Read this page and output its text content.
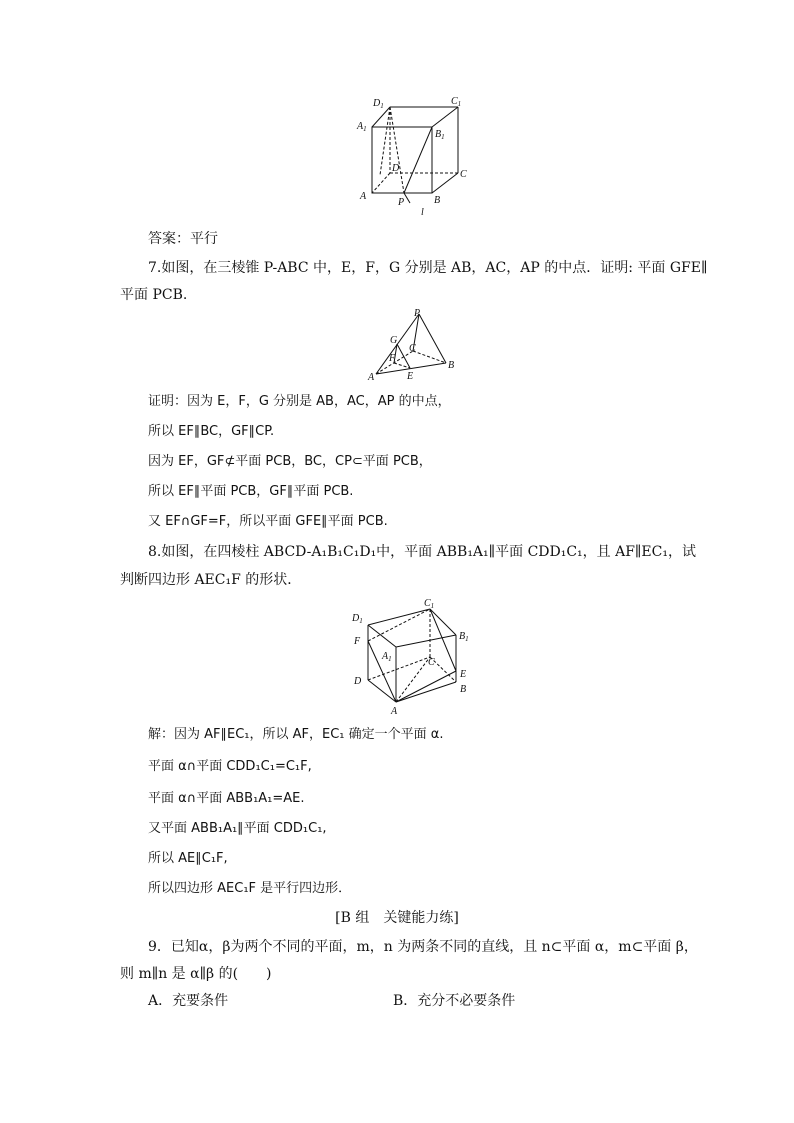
$D_1$	$C_1$
$A_1$	$B_1$
D
C
A
P	B
l
答案：平行
7.如图，在三棱锥 P-ABC 中，E，F，G 分别是 AB，AC，AP 的中点．证明: 平面 GFE∥
平面 PCB.
P
G
F
C
A	E
B
证明：因为 E，F，G 分别是 AB，AC，AP 的中点，
所以 EF∥BC，GF∥CP.
因为 EF，GF⊄平面 PCB，BC，CP⊂平面 PCB，
所以 EF∥平面 PCB，GF∥平面 PCB.
又 EF∩GF=F，所以平面 GFE∥平面 PCB.
8.如图，在四棱柱 ABCD-A₁B₁C₁D₁中，平面 ABB₁A₁∥平面 CDD₁C₁，且 AF∥EC₁，试
判断四边形 AEC₁F 的形状．
$D_1$
$C_1$
$B_1$
$A_1$
F
C
E
D
B
A
解：因为 AF∥EC₁，所以 AF，EC₁ 确定一个平面 α.
平面 α∩平面 CDD₁C₁=C₁F,
平面 α∩平面 ABB₁A₁=AE.
又平面 ABB₁A₁∥平面 CDD₁C₁,
所以 AE∥C₁F,
所以四边形 AEC₁F 是平行四边形．
[B 组　关键能力练]
9．已知α，β为两个不同的平面，m，n 为两条不同的直线，且 n⊂平面 α，m⊂平面 β，
则 m∥n 是 α∥β 的(　　)
A．充要条件	B．充分不必要条件
